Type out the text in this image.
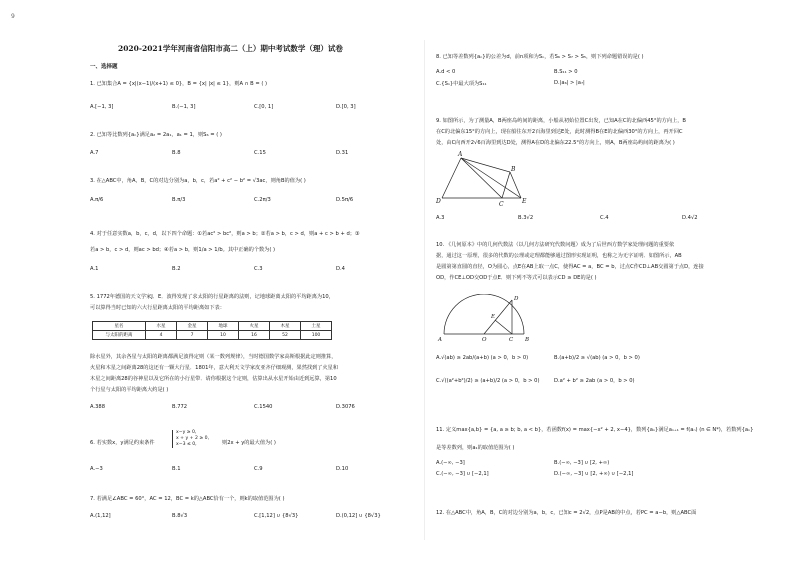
9
2020-2021学年河南省信阳市高二（上）期中考试数学（理）试卷
一、选择题
1. 已知集合A = {x|(x−1)/(x+1) ≤ 0}，B = {x| |x| ≤ 1}，则A ∩ B = ( )
A.[−1, 3]	B.(−1, 3]	C.[0, 1]	D.[0, 3]
2. 已知等比数列{aₙ}满足a₂ = 2a₁，a₁ = 1，则S₆ = ( )
A.7	B.8	C.15	D.31
3. 在△ABC中，角A，B，C的对边分别为a，b，c，若a² + c² − b² = √3ac，则角B的值为( )
A.π/6	B.π/3	C.2π/3	D.5π/6
4. 对于任意实数a，b，c，d，以下四个命题：①若ac² > bc²，则a > b；②若a > b，c > d，则a + c > b + d；③
若a > b，c > d，则ac > bd；④若a > b，则1/a > 1/b。其中正确的个数为( )
A.1	B.2	C.3	D.4
5. 1772年德国的天文学家J．E．波得发现了求太阳的行星距离的法则，记地球距离太阳的平均距离为10，
可以算得当时已知的六大行星距离太阳的平均距离如下表：
星名	水星	金星	地球	火星	木星	土星
与太阳的距离	4	7	10	16	52	100
除水星外，其余各星与太阳的距离都满足波得定则（某一数列规律），当时德国数学家高斯根据此定则推算，
火星和木星之间距离28的这还有一颗大行星．1801年，意大利天文学家皮亚齐仔细观测，果然找到了火星和
木星之间距离28的谷神星以及它所在的小行星带．请你根据这个定则，估算出从水星开始由近到远算，第10
个行星与太阳的平均距离大约是( )
A.388	B.772	C.1540	D.3076
6. 若实数x，y满足约束条件
x−y ≥ 0,
x + y + 2 ≥ 0,
x−3 ≤ 0,	则2x + y的最大值为( )
A.−3	B.1	C.9	D.10
7. 若满足∠ABC = 60°，AC = 12，BC = k的△ABC恰有一个，则k的取值范围为( )
A.(1,12]	B.8√3	C.[1,12] ∪ {8√3}	D.(0,12] ∪ {8√3}
8. 已知等差数列{aₙ}的公差为d，前n项和为Sₙ，若S₆ > S₇ > S₅，则下列命题错误的是( )
A.d < 0	B.S₁₁ > 0
C.{Sₙ}中最大项为S₁₁	D.|a₆| > |a₇|
9. 如图所示，为了测量A，B两座岛屿间的距离，小船从初始位置C出发，已知A在C的北偏西45°的方向上，B
在C的北偏东15°的方向上，现在船往东开2百海里到达E处，此时测得B在E的北偏西30°的方向上，再开回C
处，由C向西开2√6百海里到达D处，测得A在D的北偏东22.5°的方向上，则A，B两座岛屿间的距离为( )
A
B
C
D	E
A.3	B.3√2	C.4	D.4√2
10. 《几何原本》中的几何代数法（以几何方法研究代数问题）成为了后世西方数学家处理问题的重要依
据，通过这一原理，很多的代数的公理或定理都能够通过图形实现证明，也称之为无字证明．如图所示，AB
是圆第第直圆的直径，O为圆心，点E在AB上取一点C，使得AC = a，BC = b，过点C作CD⊥AB交圆第于点D，连接
OD，作CE⊥OD交OD于点E．则下列不等式可以表示CD ≥ DE的是( )
D
E
A	O	C B
A.√(ab) ≥ 2ab/(a+b) (a > 0，b > 0)	B.(a+b)/2 ≥ √(ab) (a > 0，b > 0)
C.√((a²+b²)/2) ≥ (a+b)/2 (a > 0，b > 0)	D.a² + b² ≥ 2ab (a > 0，b > 0)
11. 定义max{a,b} = {a, a ≥ b; b, a < b}，若函数f(x) = max{−x² + 2, x−4}，数列{aₙ}满足aₙ₊₁ = f(aₙ) (n ∈ N*)，若数列{aₙ}
是等差数列，则a₁的取值范围为( )
A.(−∞, −3]	B.(−∞, −3] ∪ [2, +∞)
C.(−∞, −3] ∪ [−2,1]	D.(−∞, −3] ∪ [2, +∞) ∪ [−2,1]
12. 在△ABC中，角A，B，C的对边分别为a，b，c，已知c = 2√2，点P是AB的中点，若PC = a−b，则△ABC面
